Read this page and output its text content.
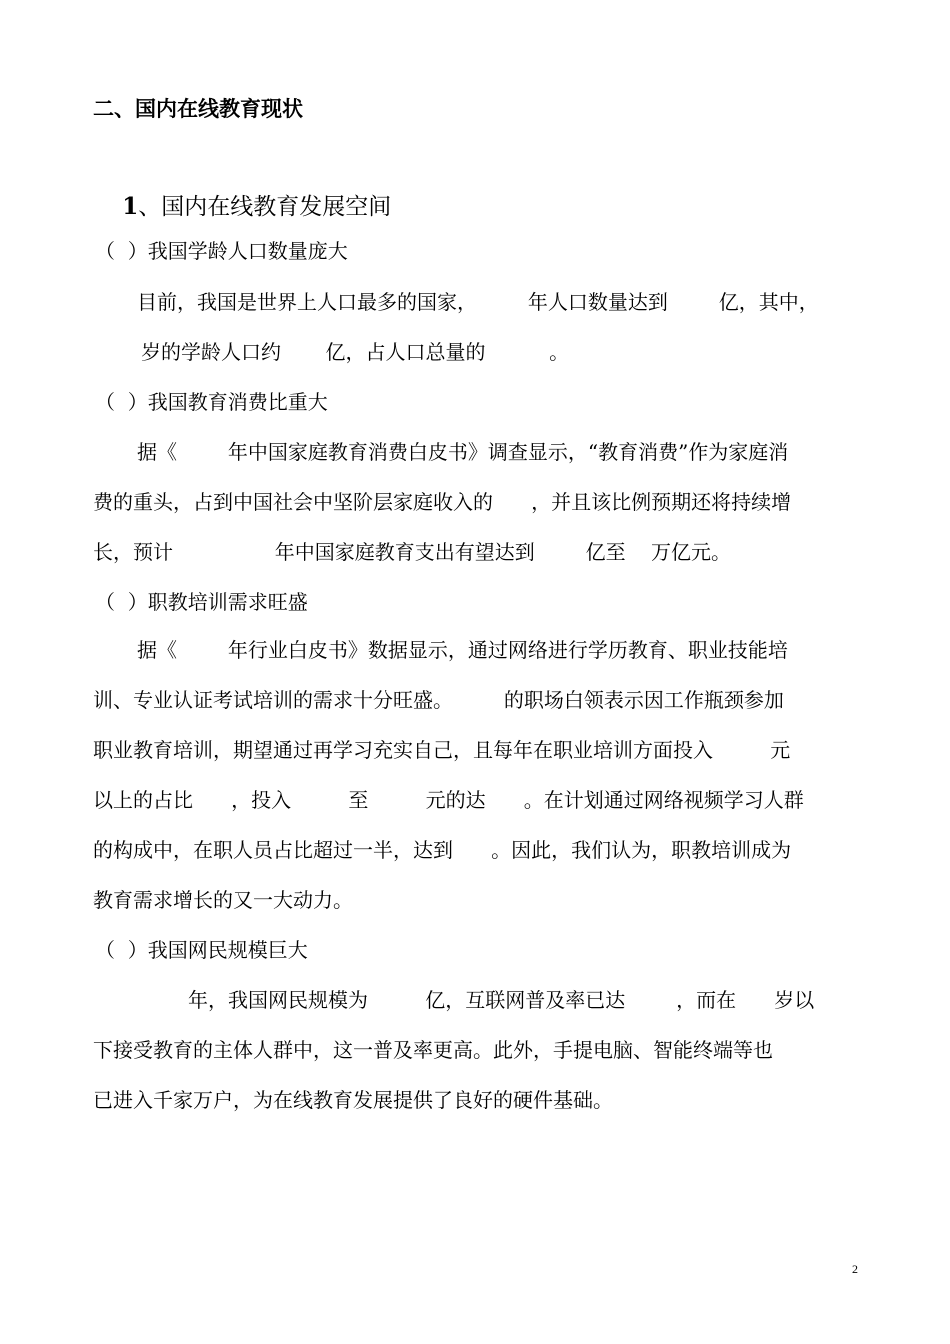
二、国内在线教育现状

1、国内在线教育发展空间

（  ）我国学龄人口数量庞大
目前，我国是世界上人口最多的国家，        年人口数量达到        亿，其中，
岁的学龄人口约       亿，占人口总量的          。
（  ）我国教育消费比重大
据《        年中国家庭教育消费白皮书》调查显示，“教育消费”作为家庭消
费的重头，占到中国社会中坚阶层家庭收入的      ，并且该比例预期还将持续增
长，预计                年中国家庭教育支出有望达到        亿至    万亿元。
（  ）职教培训需求旺盛
据《        年行业白皮书》数据显示，通过网络进行学历教育、职业技能培
训、专业认证考试培训的需求十分旺盛。        的职场白领表示因工作瓶颈参加
职业教育培训，期望通过再学习充实自己，且每年在职业培训方面投入         元
以上的占比      ，投入         至         元的达      。在计划通过网络视频学习人群
的构成中，在职人员占比超过一半，达到      。因此，我们认为，职教培训成为
教育需求增长的又一大动力。
（  ）我国网民规模巨大
年，我国网民规模为         亿，互联网普及率已达        ，而在      岁以
下接受教育的主体人群中，这一普及率更高。此外，手提电脑、智能终端等也
已进入千家万户，为在线教育发展提供了良好的硬件基础。
2
